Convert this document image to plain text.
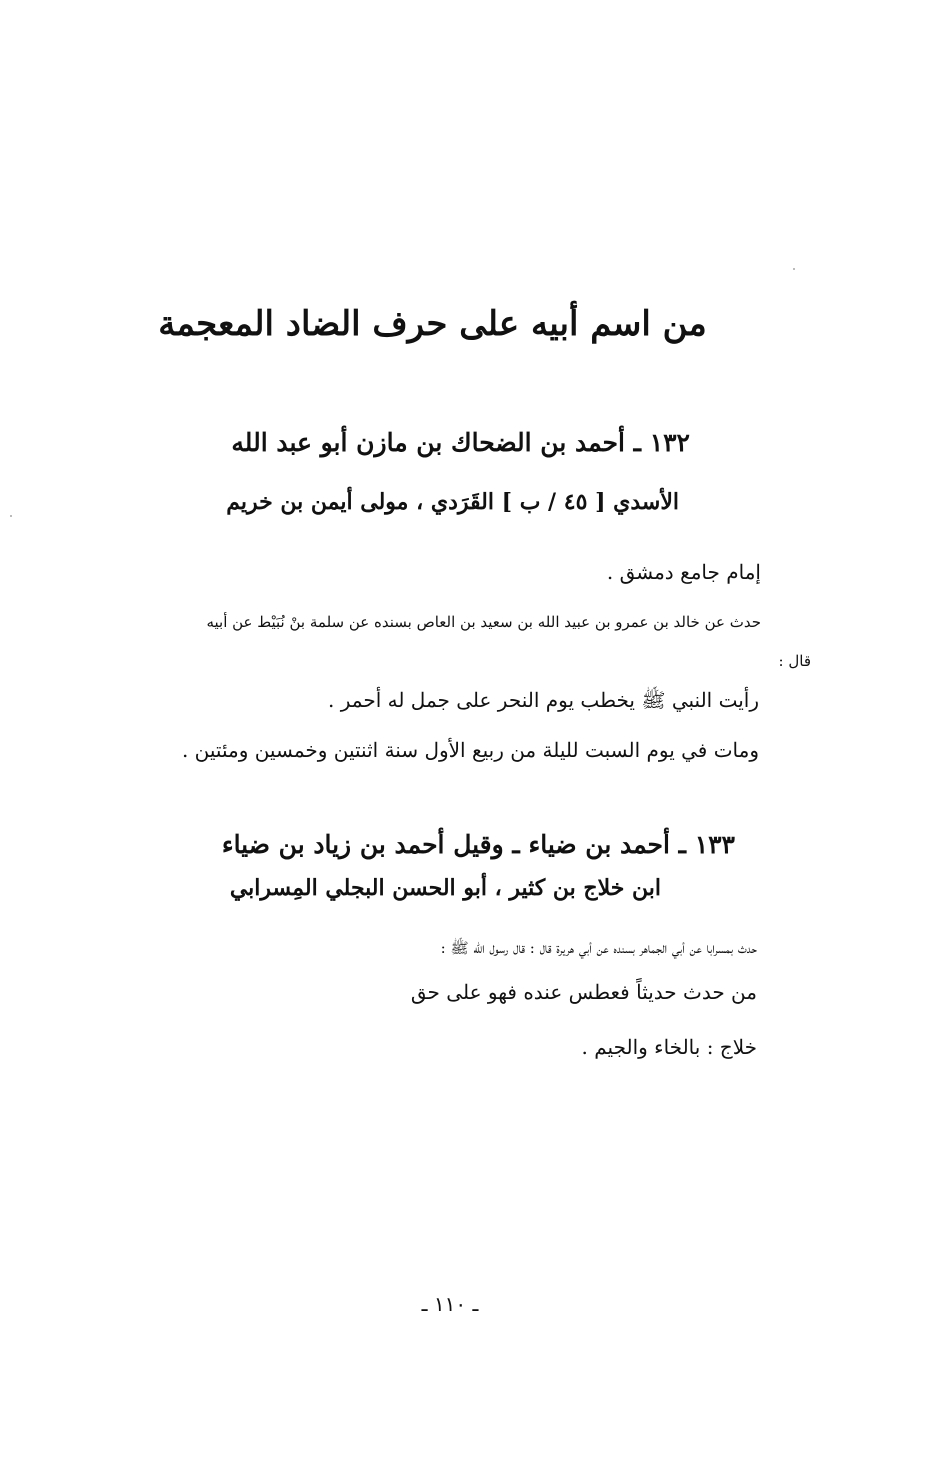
من اسم أبيه على حرف الضاد المعجمة
١٣٢ ـ أحمد بن الضحاك بن مازن أبو عبد الله
الأسدي [ ٤٥ / ب ] القَرَدي ، مولى أيمن بن خريم
إمام جامع دمشق .
حدث عن خالد بن عمرو بن عبيد الله بن سعيد بن العاص بسنده عن سلمة بنْ نُبَيْط عن أبيه
قال :
رأيت النبي ﷺ يخطب يوم النحر على جمل له أحمر .
ومات في يوم السبت لليلة من ربيع الأول سنة اثنتين وخمسين ومئتين .
١٣٣ ـ أحمد بن ضياء ـ وقيل أحمد بن زياد بن ضياء
ابن خلاج بن كثير ، أبو الحسن البجلي المِسرابي
حدث بمسرابا عن أبي الجماهر بسنده عن أبي هريرة قال : قال رسول الله ﷺ :
من حدث حديثاً فعطس عنده فهو على حق
خلاج : بالخاء والجيم .
ـ ١١٠ ـ
